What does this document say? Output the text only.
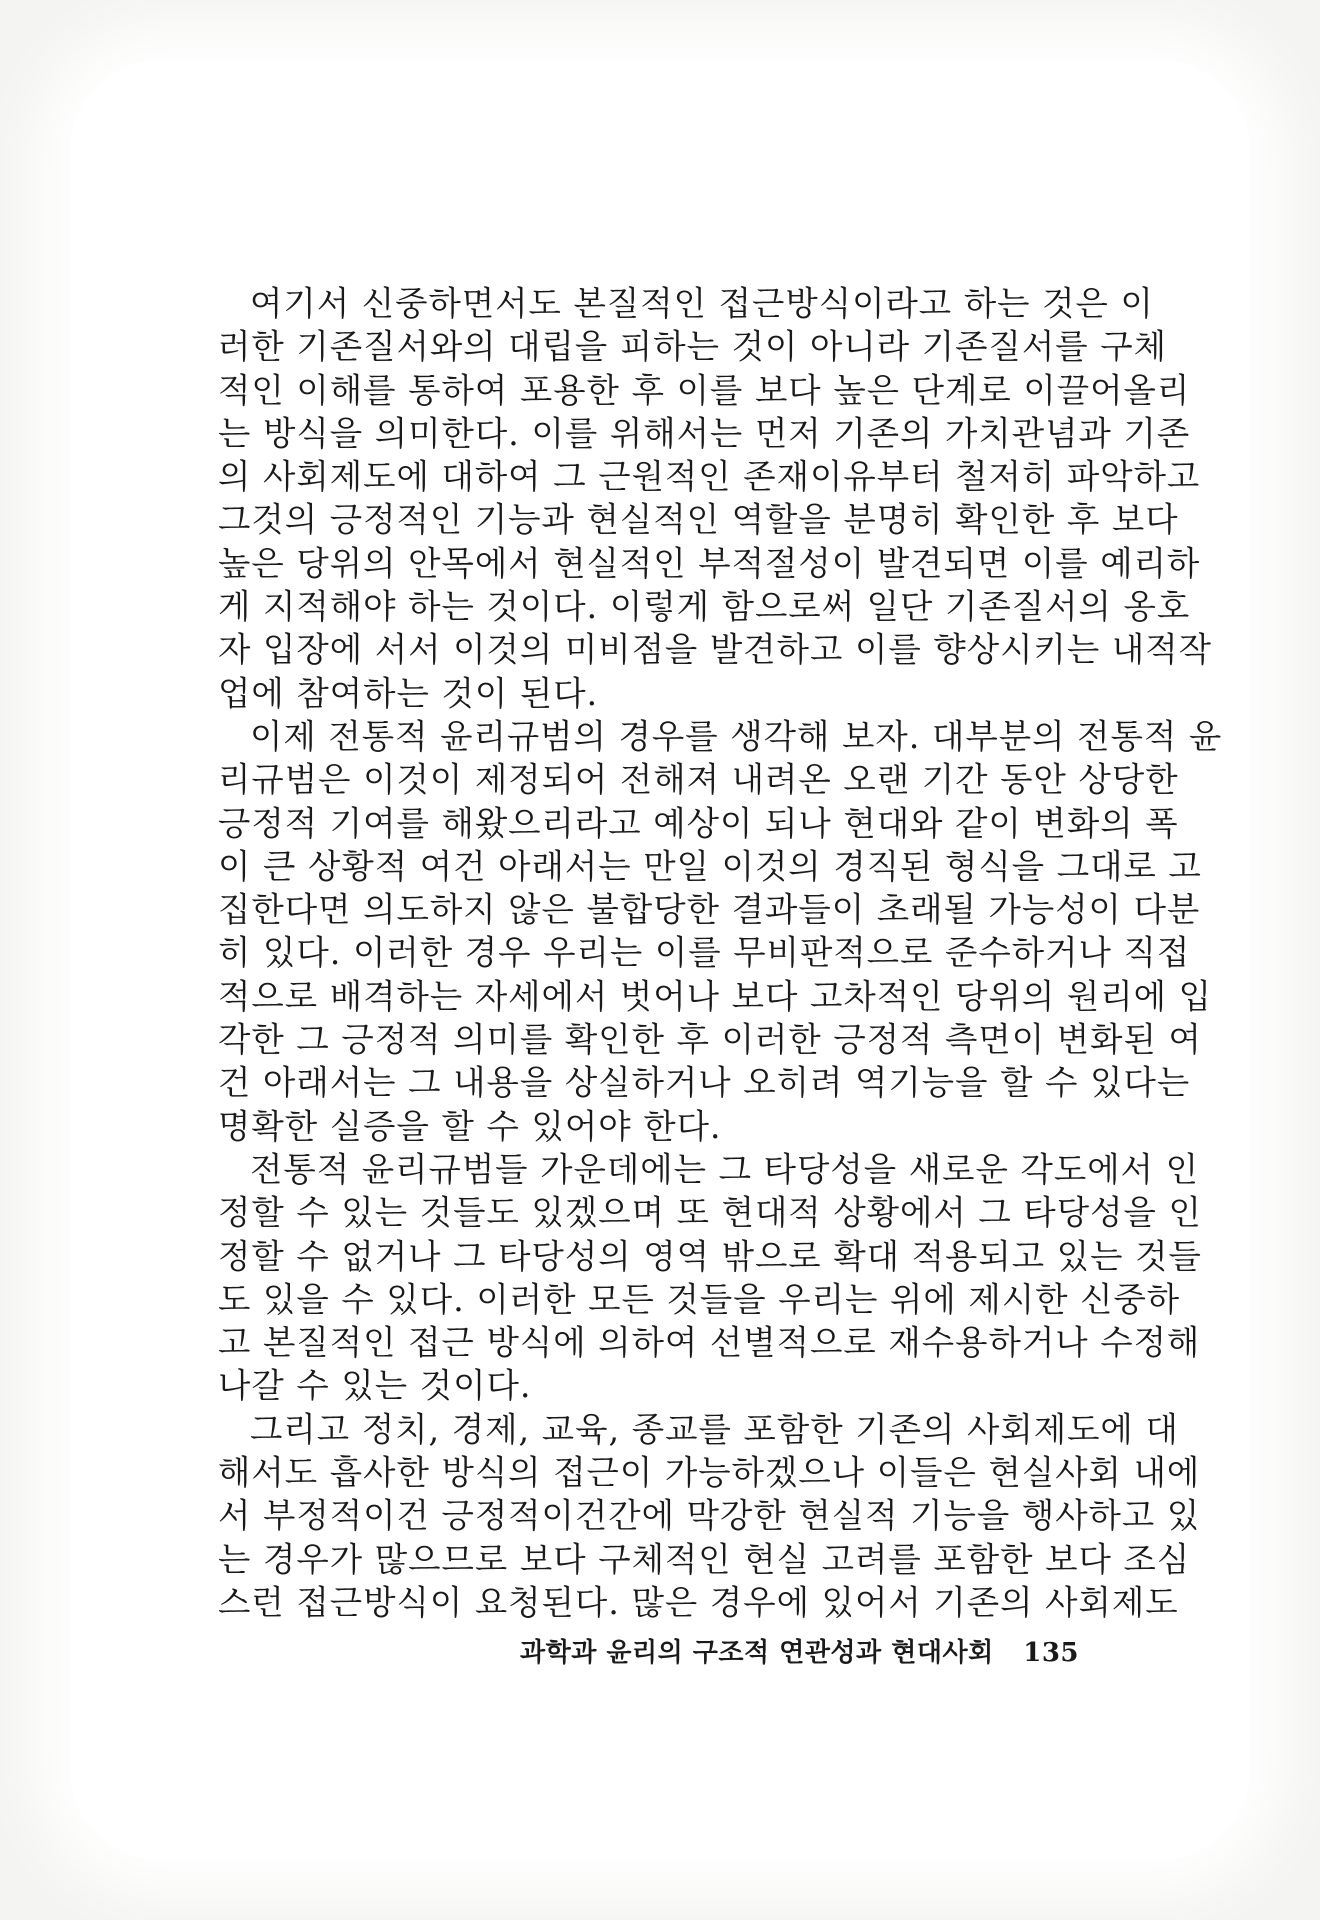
여기서 신중하면서도 본질적인 접근방식이라고 하는 것은 이
러한 기존질서와의 대립을 피하는 것이 아니라 기존질서를 구체
적인 이해를 통하여 포용한 후 이를 보다 높은 단계로 이끌어올리
는 방식을 의미한다. 이를 위해서는 먼저 기존의 가치관념과 기존
의 사회제도에 대하여 그 근원적인 존재이유부터 철저히 파악하고
그것의 긍정적인 기능과 현실적인 역할을 분명히 확인한 후 보다
높은 당위의 안목에서 현실적인 부적절성이 발견되면 이를 예리하
게 지적해야 하는 것이다. 이렇게 함으로써 일단 기존질서의 옹호
자 입장에 서서 이것의 미비점을 발견하고 이를 향상시키는 내적작
업에 참여하는 것이 된다.
이제 전통적 윤리규범의 경우를 생각해 보자. 대부분의 전통적 윤
리규범은 이것이 제정되어 전해져 내려온 오랜 기간 동안 상당한
긍정적 기여를 해왔으리라고 예상이 되나 현대와 같이 변화의 폭
이 큰 상황적 여건 아래서는 만일 이것의 경직된 형식을 그대로 고
집한다면 의도하지 않은 불합당한 결과들이 초래될 가능성이 다분
히 있다. 이러한 경우 우리는 이를 무비판적으로 준수하거나 직접
적으로 배격하는 자세에서 벗어나 보다 고차적인 당위의 원리에 입
각한 그 긍정적 의미를 확인한 후 이러한 긍정적 측면이 변화된 여
건 아래서는 그 내용을 상실하거나 오히려 역기능을 할 수 있다는
명확한 실증을 할 수 있어야 한다.
전통적 윤리규범들 가운데에는 그 타당성을 새로운 각도에서 인
정할 수 있는 것들도 있겠으며 또 현대적 상황에서 그 타당성을 인
정할 수 없거나 그 타당성의 영역 밖으로 확대 적용되고 있는 것들
도 있을 수 있다. 이러한 모든 것들을 우리는 위에 제시한 신중하
고 본질적인 접근 방식에 의하여 선별적으로 재수용하거나 수정해
나갈 수 있는 것이다.
그리고 정치, 경제, 교육, 종교를 포함한 기존의 사회제도에 대
해서도 흡사한 방식의 접근이 가능하겠으나 이들은 현실사회 내에
서 부정적이건 긍정적이건간에 막강한 현실적 기능을 행사하고 있
는 경우가 많으므로 보다 구체적인 현실 고려를 포함한 보다 조심
스런 접근방식이 요청된다. 많은 경우에 있어서 기존의 사회제도
과학과 윤리의 구조적 연관성과 현대사회 135
